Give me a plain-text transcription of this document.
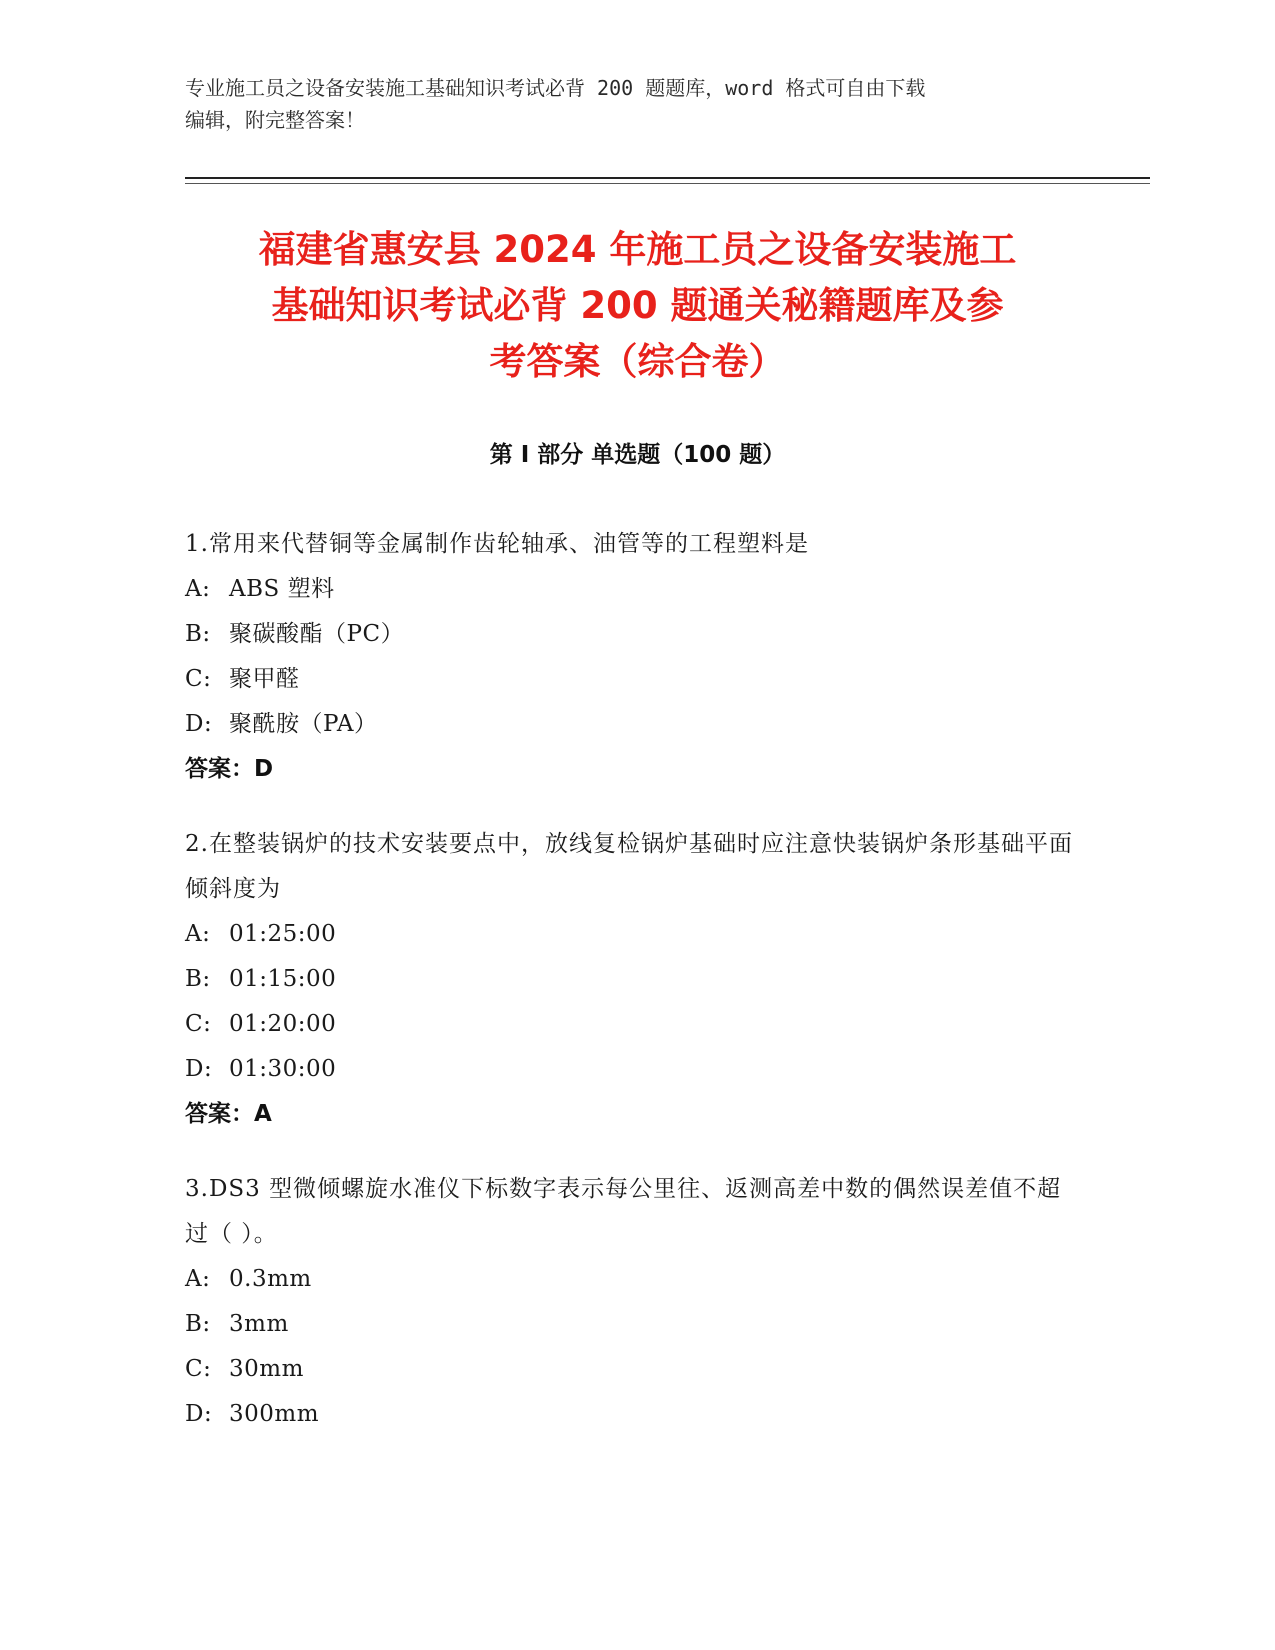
专业施工员之设备安装施工基础知识考试必背 200 题题库，word 格式可自由下载
编辑，附完整答案！
福建省惠安县 2024 年施工员之设备安装施工
基础知识考试必背 200 题通关秘籍题库及参
考答案（综合卷）
第 I 部分 单选题（100 题）
1.常用来代替铜等金属制作齿轮轴承、油管等的工程塑料是
A: ABS 塑料
B: 聚碳酸酯（PC）
C: 聚甲醛
D: 聚酰胺（PA）
答案：D
2.在整装锅炉的技术安装要点中，放线复检锅炉基础时应注意快装锅炉条形基础平面倾斜度为
A: 01:25:00
B: 01:15:00
C: 01:20:00
D: 01:30:00
答案：A
3.DS3 型微倾螺旋水准仪下标数字表示每公里往、返测高差中数的偶然误差值不超过（ ）。
A: 0.3mm
B: 3mm
C: 30mm
D: 300mm
